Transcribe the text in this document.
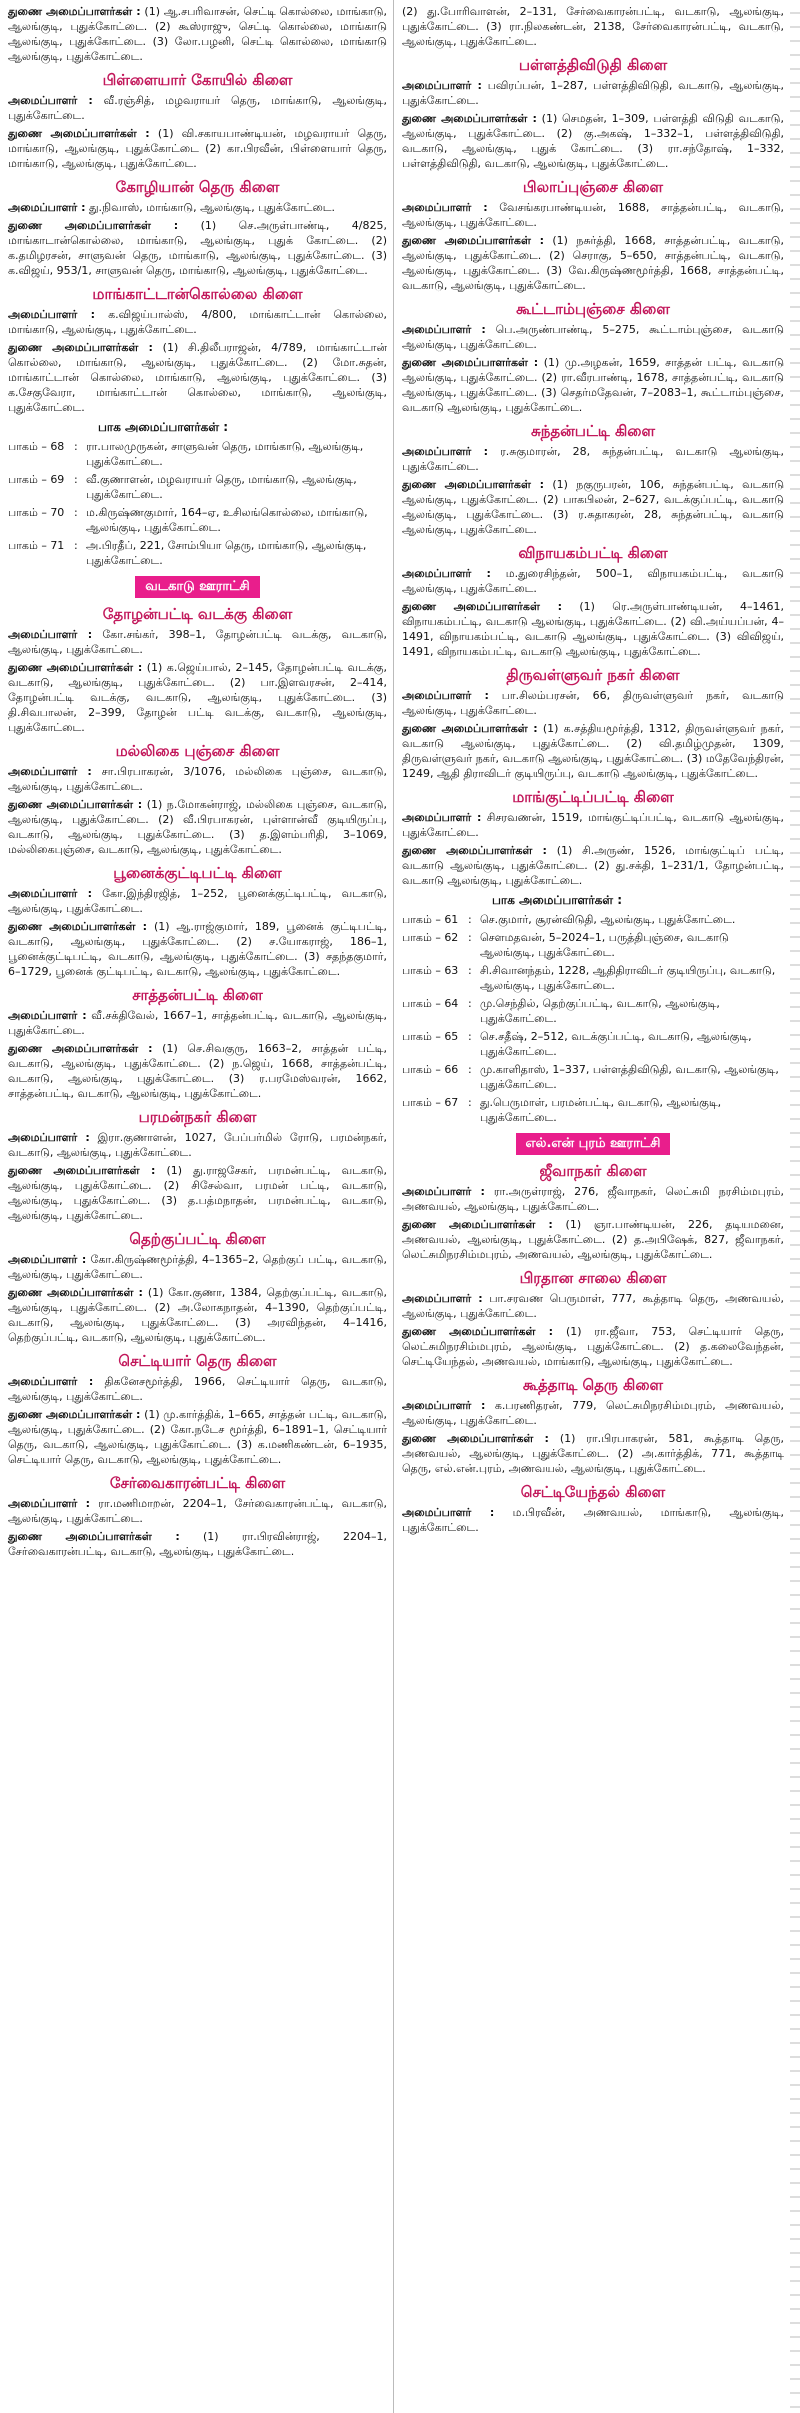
துணை அமைப்பாளர்கள் : (1) ஆ.சபரிவாசன், செட்டி கொல்லை, மாங்காடு, ஆலங்குடி, புதுக்கோட்டை. (2) கூஸ்ராஜு, செட்டி கொல்லை, மாங்காடு ஆலங்குடி, புதுக்கோட்டை. (3) லோ.பழனி, செட்டி கொல்லை, மாங்காடு ஆலங்குடி, புதுக்கோட்டை.

பிள்ளையார் கோயில் கிளை

அமைப்பாளர் : வீ.ரஞ்சித், மழவராயர் தெரு, மாங்காடு, ஆலங்குடி, புதுக்கோட்டை.

துணை அமைப்பாளர்கள் : (1) வி.சகாயபாண்டியன், மழவராயர் தெரு, மாங்காடு, ஆலங்குடி, புதுக்கோட்டை (2) கா.பிரவீன், பிள்ளையார் தெரு, மாங்காடு, ஆலங்குடி, புதுக்கோட்டை.

கோழியான் தெரு கிளை

அமைப்பாளர் : து.நிவாஸ், மாங்காடு, ஆலங்குடி, புதுக்கோட்டை.

துணை அமைப்பாளர்கள் : (1) செ.அருள்பாண்டி, 4/825, மாங்காடான்கொல்லை, மாங்காடு, ஆலங்குடி, புதுக் கோட்டை. (2) க.தமிழரசன், சாளுவன் தெரு, மாங்காடு, ஆலங்குடி, புதுக்கோட்டை. (3) க.விஜய், 953/1, சாளுவன் தெரு, மாங்காடு, ஆலங்குடி, புதுக்கோட்டை.

மாங்காட்டான்கொல்லை கிளை

அமைப்பாளர் : க.விஜய்பால்ஸ், 4/800, மாங்காட்டான் கொல்லை, மாங்காடு, ஆலங்குடி, புதுக்கோட்டை.

துணை அமைப்பாளர்கள் : (1) சி.திலீபராஜன், 4/789, மாங்காட்டான் கொல்லை, மாங்காடு, ஆலங்குடி, புதுக்கோட்டை. (2) மோ.சுதன், மாங்காட்டான் கொல்லை, மாங்காடு, ஆலங்குடி, புதுக்கோட்டை. (3) க.சேகுவேரா, மாங்காட்டான் கொல்லை, மாங்காடு, ஆலங்குடி, புதுக்கோட்டை.

பாக அமைப்பாளர்கள் :
பாகம் – 68 : ரா.பாலமுருகன், சாளுவன் தெரு, மாங்காடு, ஆலங்குடி, புதுக்கோட்டை.
பாகம் – 69 : வீ.குணாளன், மழவராயர் தெரு, மாங்காடு, ஆலங்குடி, புதுக்கோட்டை.
பாகம் – 70 : ம.கிருஷ்ணகுமார், 164–ஏ, உசிலங்கொல்லை, மாங்காடு, ஆலங்குடி, புதுக்கோட்டை.
பாகம் – 71 : அ.பிரதீப், 221, சோம்பியா தெரு, மாங்காடு, ஆலங்குடி, புதுக்கோட்டை.
வடகாடு ஊராட்சி
தோழன்பட்டி வடக்கு கிளை

அமைப்பாளர் : கோ.சங்கர், 398–1, தோழன்பட்டி வடக்கு, வடகாடு, ஆலங்குடி, புதுக்கோட்டை.

துணை அமைப்பாளர்கள் : (1) க.ஜெய்பால், 2–145, தோழன்பட்டி வடக்கு, வடகாடு, ஆலங்குடி, புதுக்கோட்டை. (2) பா.இளவரசன், 2–414, தோழன்பட்டி வடக்கு, வடகாடு, ஆலங்குடி, புதுக்கோட்டை. (3) தி.சிவபாலன், 2–399, தோழன் பட்டி வடக்கு, வடகாடு, ஆலங்குடி, புதுக்கோட்டை.

மல்லிகை புஞ்சை கிளை

அமைப்பாளர் : சா.பிரபாகரன், 3/1076, மல்லிகை புஞ்சை, வடகாடு, ஆலங்குடி, புதுக்கோட்டை.

துணை அமைப்பாளர்கள் : (1) ந.மோகன்ராஜ், மல்லிகை புஞ்சை, வடகாடு, ஆலங்குடி, புதுக்கோட்டை. (2) வீ.பிரபாகரன், புள்ளான்வீ குடியிருப்பு, வடகாடு, ஆலங்குடி, புதுக்கோட்டை. (3) த.இளம்பரிதி, 3–1069, மல்லிகைபுஞ்சை, வடகாடு, ஆலங்குடி, புதுக்கோட்டை.

பூனைக்குட்டிபட்டி கிளை

அமைப்பாளர் : கோ.இந்திரஜித், 1–252, பூனைக்குட்டிபட்டி, வடகாடு, ஆலங்குடி, புதுக்கோட்டை.

துணை அமைப்பாளர்கள் : (1) ஆ.ராஜ்குமார், 189, பூனைக் குட்டிபட்டி, வடகாடு, ஆலங்குடி, புதுக்கோட்டை. (2) ச.யோகராஜ், 186–1, பூனைக்குட்டிபட்டி, வடகாடு, ஆலங்குடி, புதுக்கோட்டை. (3) சதந்தகுமார், 6–1729, பூனைக் குட்டிபட்டி, வடகாடு, ஆலங்குடி, புதுக்கோட்டை.

சாத்தன்பட்டி கிளை

அமைப்பாளர் : வீ.சக்திவேல், 1667–1, சாத்தன்பட்டி, வடகாடு, ஆலங்குடி, புதுக்கோட்டை.

துணை அமைப்பாளர்கள் : (1) செ.சிவகுரு, 1663–2, சாத்தன் பட்டி, வடகாடு, ஆலங்குடி, புதுக்கோட்டை. (2) ந.ஜெய், 1668, சாத்தன்பட்டி, வடகாடு, ஆலங்குடி, புதுக்கோட்டை. (3) ர.பரமேஸ்வரன், 1662, சாத்தன்பட்டி, வடகாடு, ஆலங்குடி, புதுக்கோட்டை.

பரமன்நகர் கிளை

அமைப்பாளர் : இரா.குணாளன், 1027, பேப்பர்மில் ரோடு, பரமன்நகர், வடகாடு, ஆலங்குடி, புதுக்கோட்டை.

துணை அமைப்பாளர்கள் : (1) து.ராஜசேகர், பரமன்பட்டி, வடகாடு, ஆலங்குடி, புதுக்கோட்டை. (2) சிசேல்வா, பரமன் பட்டி, வடகாடு, ஆலங்குடி, புதுக்கோட்டை. (3) த.பத்மநாதன், பரமன்பட்டி, வடகாடு, ஆலங்குடி, புதுக்கோட்டை.

தெற்குப்பட்டி கிளை

அமைப்பாளர் : கோ.கிருஷ்ணமூர்த்தி, 4–1365–2, தெற்குப் பட்டி, வடகாடு, ஆலங்குடி, புதுக்கோட்டை.

துணை அமைப்பாளர்கள் : (1) கோ.குணா, 1384, தெற்குப்பட்டி, வடகாடு, ஆலங்குடி, புதுக்கோட்டை. (2) அ.லோகநாதன், 4–1390, தெற்குப்பட்டி, வடகாடு, ஆலங்குடி, புதுக்கோட்டை. (3) அரவிந்தன், 4–1416, தெற்குப்பட்டி, வடகாடு, ஆலங்குடி, புதுக்கோட்டை.

செட்டியார் தெரு கிளை

அமைப்பாளர் : திகனேசமூர்த்தி, 1966, செட்டியார் தெரு, வடகாடு, ஆலங்குடி, புதுக்கோட்டை.

துணை அமைப்பாளர்கள் : (1) மு.கார்த்திக், 1–665, சாத்தன் பட்டி, வடகாடு, ஆலங்குடி, புதுக்கோட்டை. (2) கோ.நடேச மூர்த்தி, 6–1891–1, செட்டியார் தெரு, வடகாடு, ஆலங்குடி, புதுக்கோட்டை. (3) க.மணிகண்டன், 6–1935, செட்டியார் தெரு, வடகாடு, ஆலங்குடி, புதுக்கோட்டை.

சேர்வைகாரன்பட்டி கிளை

அமைப்பாளர் : ரா.மணிமாறன், 2204–1, சேர்வைகாரன்பட்டி, வடகாடு, ஆலங்குடி, புதுக்கோட்டை.

துணை அமைப்பாளர்கள் : (1) ரா.பிரவின்ராஜ், 2204–1, சேர்வைகாரன்பட்டி, வடகாடு, ஆலங்குடி, புதுக்கோட்டை.

(2) து.போரிவாளன், 2–131, சேர்வைகாரன்பட்டி, வடகாடு, ஆலங்குடி, புதுக்கோட்டை. (3) ரா.நிலகண்டன், 2138, சேர்வைகாரன்பட்டி, வடகாடு, ஆலங்குடி, புதுக்கோட்டை.

பள்ளத்திவிடுதி கிளை

அமைப்பாளர் : பவிரப்பன், 1–287, பள்ளத்திவிடுதி, வடகாடு, ஆலங்குடி, புதுக்கோட்டை.

துணை அமைப்பாளர்கள் : (1) செமதன், 1–309, பள்ளத்தி விடுதி வடகாடு, ஆலங்குடி, புதுக்கோட்டை. (2) கு.அகஷ், 1–332–1, பள்ளத்திவிடுதி, வடகாடு, ஆலங்குடி, புதுக் கோட்டை. (3) ரா.சந்தோஷ், 1–332, பள்ளத்திவிடுதி, வடகாடு, ஆலங்குடி, புதுக்கோட்டை.

பிலாப்புஞ்சை கிளை

அமைப்பாளர் : வேசங்கரபாண்டியன், 1688, சாத்தன்பட்டி, வடகாடு, ஆலங்குடி, புதுக்கோட்டை.

துணை அமைப்பாளர்கள் : (1) நசுர்த்தி, 1668, சாத்தன்பட்டி, வடகாடு, ஆலங்குடி, புதுக்கோட்டை. (2) செராகு, 5–650, சாத்தன்பட்டி, வடகாடு, ஆலங்குடி, புதுக்கோட்டை. (3) வே.கிருஷ்ணமூர்த்தி, 1668, சாத்தன்பட்டி, வடகாடு, ஆலங்குடி, புதுக்கோட்டை.

கூட்டாம்புஞ்சை கிளை

அமைப்பாளர் : பெ.அருண்பாண்டி, 5–275, கூட்டாம்புஞ்சை, வடகாடு ஆலங்குடி, புதுக்கோட்டை.

துணை அமைப்பாளர்கள் : (1) மு.அழகன், 1659, சாத்தன் பட்டி, வடகாடு ஆலங்குடி, புதுக்கோட்டை. (2) ரா.வீரபாண்டி, 1678, சாத்தன்பட்டி, வடகாடு ஆலங்குடி, புதுக்கோட்டை. (3) செதர்மதேவன், 7–2083–1, கூட்டாம்புஞ்சை, வடகாடு ஆலங்குடி, புதுக்கோட்டை.

சுந்தன்பட்டி கிளை

அமைப்பாளர் : ர.சுகுமாரன், 28, சுந்தன்பட்டி, வடகாடு ஆலங்குடி, புதுக்கோட்டை.

துணை அமைப்பாளர்கள் : (1) நகுருபரன், 106, சுந்தன்பட்டி, வடகாடு ஆலங்குடி, புதுக்கோட்டை. (2) பாகபிலன், 2–627, வடக்குப்பட்டி, வடகாடு ஆலங்குடி, புதுக்கோட்டை. (3) ர.சுதாகரன், 28, சுந்தன்பட்டி, வடகாடு ஆலங்குடி, புதுக்கோட்டை.

விநாயகம்பட்டி கிளை

அமைப்பாளர் : ம.துரைசிந்தன், 500–1, விநாயகம்பட்டி, வடகாடு ஆலங்குடி, புதுக்கோட்டை.

துணை அமைப்பாளர்கள் : (1) ரெ.அருள்பாண்டியன், 4–1461, விநாயகம்பட்டி, வடகாடு ஆலங்குடி, புதுக்கோட்டை. (2) வி.அய்யப்பன், 4–1491, விநாயகம்பட்டி, வடகாடு ஆலங்குடி, புதுக்கோட்டை. (3) விவிஜய், 1491, விநாயகம்பட்டி, வடகாடு ஆலங்குடி, புதுக்கோட்டை.

திருவள்ளுவர் நகர் கிளை

அமைப்பாளர் : பா.சிலம்பரசன், 66, திருவள்ளுவர் நகர், வடகாடு ஆலங்குடி, புதுக்கோட்டை.

துணை அமைப்பாளர்கள் : (1) க.சத்தியமூர்த்தி, 1312, திருவள்ளுவர் நகர், வடகாடு ஆலங்குடி, புதுக்கோட்டை. (2) வி.தமிழ்முதன், 1309, திருவள்ளுவர் நகர், வடகாடு ஆலங்குடி, புதுக்கோட்டை. (3) மதேவேந்திரன், 1249, ஆதி திராவிடர் குடியிருப்பு, வடகாடு ஆலங்குடி, புதுக்கோட்டை.

மாங்குட்டிப்பட்டி கிளை

அமைப்பாளர் : சிசரவணன், 1519, மாங்குட்டிப்பட்டி, வடகாடு ஆலங்குடி, புதுக்கோட்டை.

துணை அமைப்பாளர்கள் : (1) சி.அருண், 1526, மாங்குட்டிப் பட்டி, வடகாடு ஆலங்குடி, புதுக்கோட்டை. (2) து.சக்தி, 1–231/1, தோழன்பட்டி, வடகாடு ஆலங்குடி, புதுக்கோட்டை.

பாக அமைப்பாளர்கள் :
பாகம் – 61 : செ.குமார், சூரன்விடுதி, ஆலங்குடி, புதுக்கோட்டை.
பாகம் – 62 : சௌமதவன், 5–2024–1, பருத்திபுஞ்சை, வடகாடு ஆலங்குடி, புதுக்கோட்டை.
பாகம் – 63 : சி.சிவானந்தம், 1228, ஆதிதிராவிடர் குடியிருப்பு, வடகாடு, ஆலங்குடி, புதுக்கோட்டை.
பாகம் – 64 : மு.செந்தில், தெற்குப்பட்டி, வடகாடு, ஆலங்குடி, புதுக்கோட்டை.
பாகம் – 65 : செ.சதீஷ், 2–512, வடக்குப்பட்டி, வடகாடு, ஆலங்குடி, புதுக்கோட்டை.
பாகம் – 66 : மு.காளிதாஸ், 1–337, பள்ளத்திவிடுதி, வடகாடு, ஆலங்குடி, புதுக்கோட்டை.
பாகம் – 67 : து.பெருமாள், பரமன்பட்டி, வடகாடு, ஆலங்குடி, புதுக்கோட்டை.
எல்.என் புரம் ஊராட்சி
ஜீவாநகர் கிளை

அமைப்பாளர் : ரா.அருள்ராஜ், 276, ஜீவாநகர், லெட்சுமி நரசிம்மபுரம், அணவயல், ஆலங்குடி, புதுக்கோட்டை.

துணை அமைப்பாளர்கள் : (1) ஞா.பாண்டியன், 226, தடியமனை, அணவயல், ஆலங்குடி, புதுக்கோட்டை. (2) த.அபிஷேக், 827, ஜீவாநகர், லெட்சுமிநரசிம்மபுரம், அணவயல், ஆலங்குடி, புதுக்கோட்டை.

பிரதான சாலை கிளை

அமைப்பாளர் : பா.சரவண பெருமாள், 777, கூத்தாடி தெரு, அணவயல், ஆலங்குடி, புதுக்கோட்டை.

துணை அமைப்பாளர்கள் : (1) ரா.ஜீவா, 753, செட்டியார் தெரு, லெட்சுமிநரசிம்மபுரம், ஆலங்குடி, புதுக்கோட்டை. (2) த.கலைவேந்தன், செட்டியேந்தல், அணவயல், மாங்காடு, ஆலங்குடி, புதுக்கோட்டை.

கூத்தாடி தெரு கிளை

அமைப்பாளர் : க.பரணிதரன், 779, லெட்சுமிநரசிம்மபுரம், அணவயல், ஆலங்குடி, புதுக்கோட்டை.

துணை அமைப்பாளர்கள் : (1) ரா.பிரபாகரன், 581, கூத்தாடி தெரு, அணவயல், ஆலங்குடி, புதுக்கோட்டை. (2) அ.கார்த்திக், 771, கூத்தாடி தெரு, எல்.என்.புரம், அணவயல், ஆலங்குடி, புதுக்கோட்டை.

செட்டியேந்தல் கிளை

அமைப்பாளர் : ம.பிரவீன், அணவயல், மாங்காடு, ஆலங்குடி, புதுக்கோட்டை.
